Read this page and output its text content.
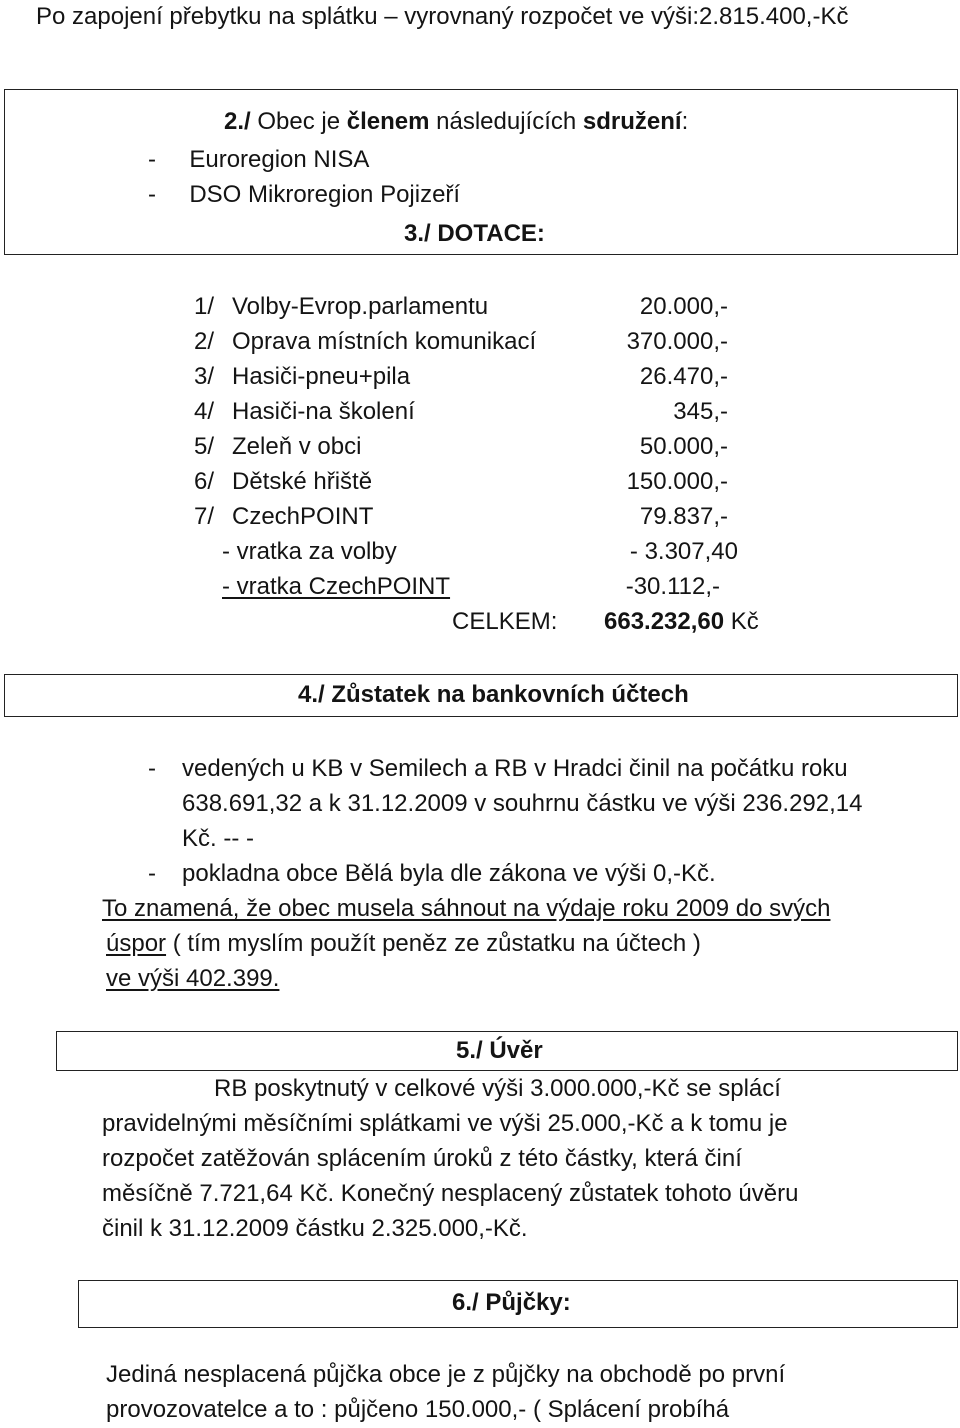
Po zapojení přebytku na splátku – vyrovnaný rozpočet ve výši:2.815.400,-Kč
2./ Obec je členem následujících sdružení:
-     Euroregion NISA
-     DSO Mikroregion Pojizeří
3./ DOTACE:
1/ Volby-Evrop.parlamentu	20.000,-
2/ Oprava místních komunikací	370.000,-
3/ Hasiči-pneu+pila	26.470,-
4/ Hasiči-na školení	345,-
5/ Zeleň v obci	50.000,-
6/ Dětské hřiště	150.000,-
7/ CzechPOINT	79.837,-
- vratka za volby	- 3.307,40
- vratka CzechPOINT	-30.112,-
CELKEM: 663.232,60 Kč
4./ Zůstatek na bankovních účtech
- vedených u KB v Semilech a RB v Hradci činil na počátku roku
638.691,32 a k 31.12.2009 v souhrnu částku ve výši 236.292,14
Kč. -- -
- pokladna obce Bělá byla dle zákona ve výši 0,-Kč.
To znamená, že obec musela sáhnout na výdaje roku 2009 do svých
úspor ( tím myslím použít peněz ze zůstatku na účtech )
ve výši 402.399.
5./ Úvěr
RB poskytnutý v celkové výši 3.000.000,-Kč se splácí
pravidelnými měsíčními splátkami ve výši 25.000,-Kč a k tomu je
rozpočet zatěžován splácením úroků z této částky, která činí
měsíčně 7.721,64 Kč. Konečný nesplacený zůstatek tohoto úvěru
činil k 31.12.2009 částku 2.325.000,-Kč.
6./ Půjčky:
Jediná nesplacená půjčka obce je z půjčky na obchodě po první
provozovatelce a to : půjčeno 150.000,- ( Splácení probíhá
